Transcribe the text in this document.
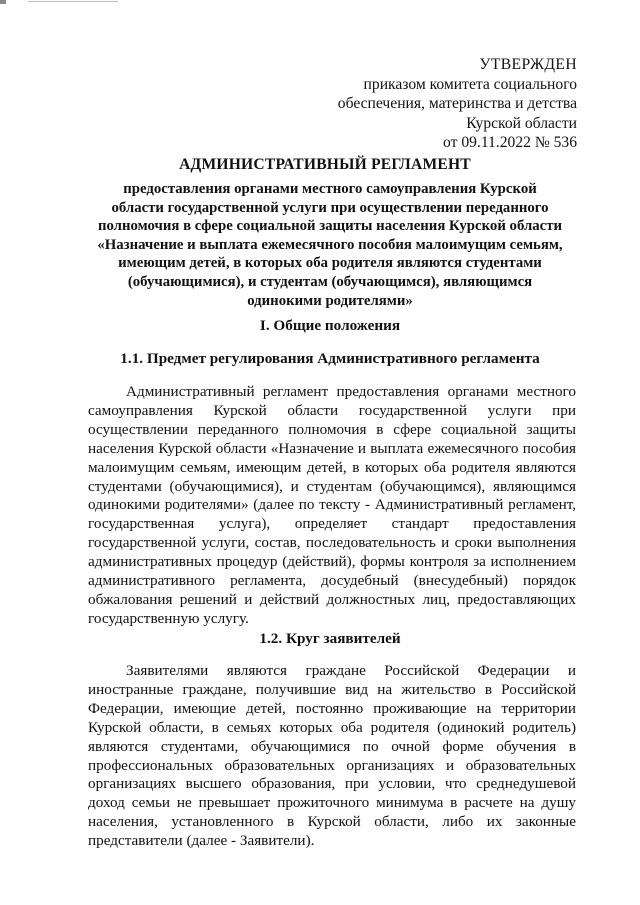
УТВЕРЖДЕН
приказом комитета социального
обеспечения, материнства и детства
Курской области
от 09.11.2022 № 536
АДМИНИСТРАТИВНЫЙ РЕГЛАМЕНТ
предоставления органами местного самоуправления Курской
области государственной услуги при осуществлении переданного
полномочия в сфере социальной защиты населения Курской области
«Назначение и выплата ежемесячного пособия малоимущим семьям,
имеющим детей, в которых оба родителя являются студентами
(обучающимися), и студентам (обучающимся), являющимся
одинокими родителями»
I. Общие положения
1.1. Предмет регулирования Административного регламента
Административный регламент предоставления органами местного
самоуправления Курской области государственной услуги при
осуществлении переданного полномочия в сфере социальной защиты
населения Курской области «Назначение и выплата ежемесячного пособия
малоимущим семьям, имеющим детей, в которых оба родителя являются
студентами (обучающимися), и студентам (обучающимся), являющимся
одинокими родителями» (далее по тексту - Административный регламент,
государственная услуга), определяет стандарт предоставления
государственной услуги, состав, последовательность и сроки выполнения
административных процедур (действий), формы контроля за исполнением
административного регламента, досудебный (внесудебный) порядок
обжалования решений и действий должностных лиц, предоставляющих
государственную услугу.
1.2. Круг заявителей
Заявителями являются граждане Российской Федерации и
иностранные граждане, получившие вид на жительство в Российской
Федерации, имеющие детей, постоянно проживающие на территории
Курской области, в семьях которых оба родителя (одинокий родитель)
являются студентами, обучающимися по очной форме обучения в
профессиональных образовательных организациях и образовательных
организациях высшего образования, при условии, что среднедушевой
доход семьи не превышает прожиточного минимума в расчете на душу
населения, установленного в Курской области, либо их законные
представители (далее - Заявители).
